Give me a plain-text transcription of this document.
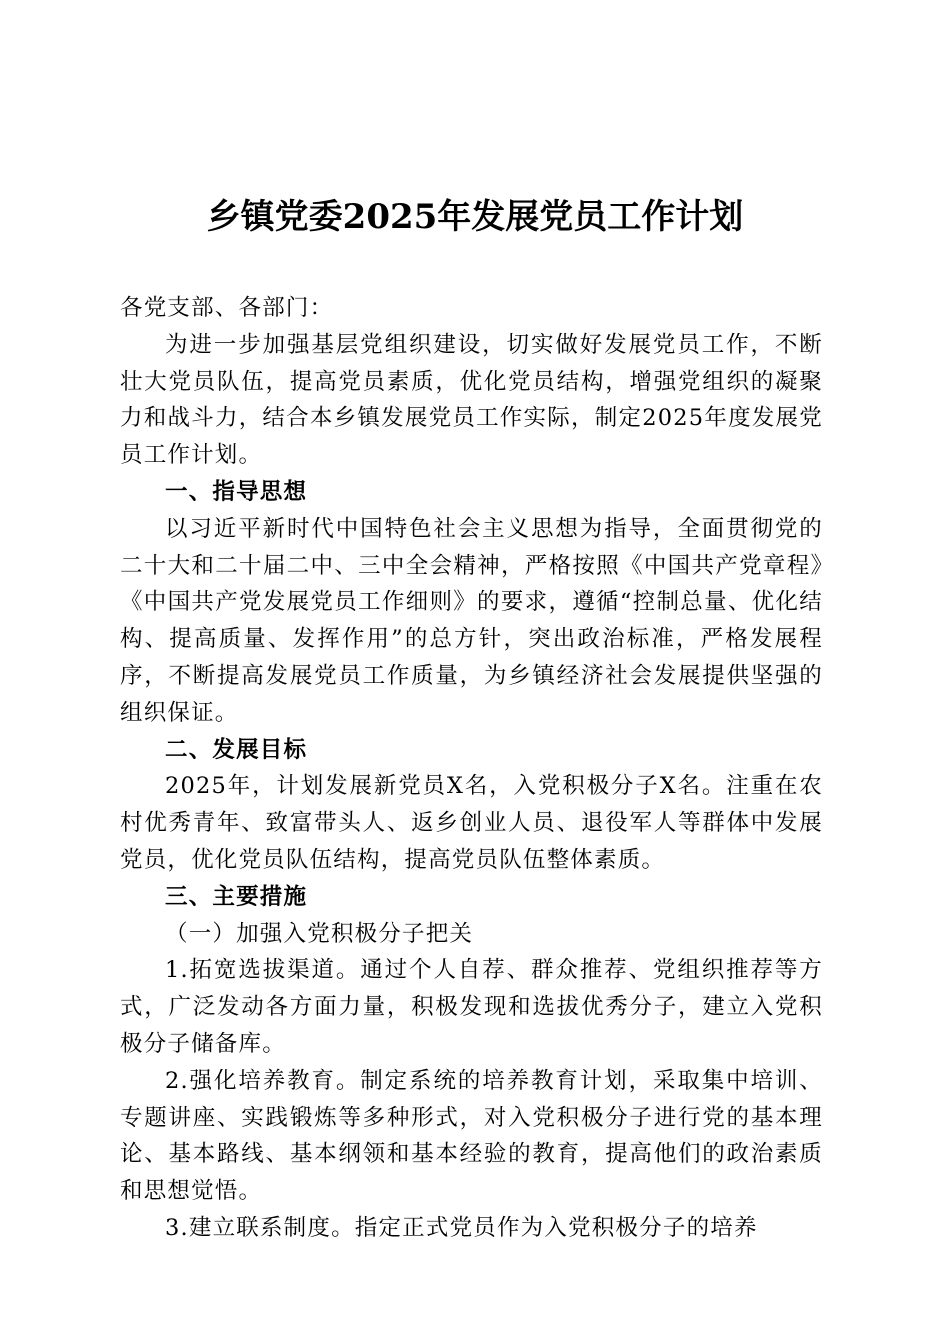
乡镇党委2025年发展党员工作计划

各党支部、各部门：

为进一步加强基层党组织建设，切实做好发展党员工作，不断壮大党员队伍，提高党员素质，优化党员结构，增强党组织的凝聚力和战斗力，结合本乡镇发展党员工作实际，制定2025年度发展党员工作计划。

一、指导思想

以习近平新时代中国特色社会主义思想为指导，全面贯彻党的二十大和二十届二中、三中全会精神，严格按照《中国共产党章程》《中国共产党发展党员工作细则》的要求，遵循“控制总量、优化结构、提高质量、发挥作用”的总方针，突出政治标准，严格发展程序，不断提高发展党员工作质量，为乡镇经济社会发展提供坚强的组织保证。

二、发展目标

2025年，计划发展新党员X名，入党积极分子X名。注重在农村优秀青年、致富带头人、返乡创业人员、退役军人等群体中发展党员，优化党员队伍结构，提高党员队伍整体素质。

三、主要措施

（一）加强入党积极分子把关

1.拓宽选拔渠道。通过个人自荐、群众推荐、党组织推荐等方式，广泛发动各方面力量，积极发现和选拔优秀分子，建立入党积极分子储备库。

2.强化培养教育。制定系统的培养教育计划，采取集中培训、专题讲座、实践锻炼等多种形式，对入党积极分子进行党的基本理论、基本路线、基本纲领和基本经验的教育，提高他们的政治素质和思想觉悟。

3.建立联系制度。指定正式党员作为入党积极分子的培养
